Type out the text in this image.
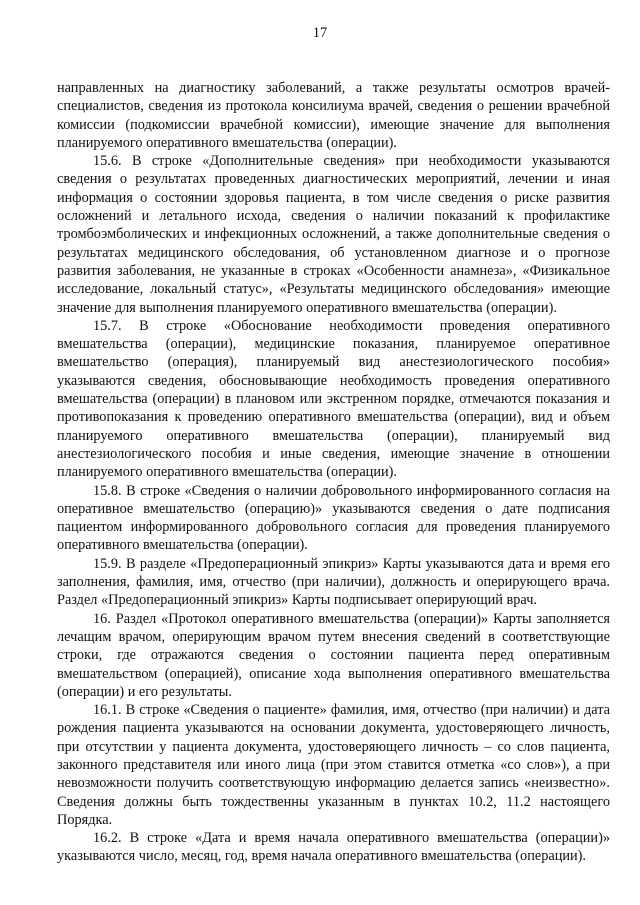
17

направленных на диагностику заболеваний, а также результаты осмотров врачей-специалистов, сведения из протокола консилиума врачей, сведения о решении врачебной комиссии (подкомиссии врачебной комиссии), имеющие значение для выполнения планируемого оперативного вмешательства (операции).

15.6. В строке «Дополнительные сведения» при необходимости указываются сведения о результатах проведенных диагностических мероприятий, лечении и иная информация о состоянии здоровья пациента, в том числе сведения о риске развития осложнений и летального исхода, сведения о наличии показаний к профилактике тромбоэмболических и инфекционных осложнений, а также дополнительные сведения о результатах медицинского обследования, об установленном диагнозе и о прогнозе развития заболевания, не указанные в строках «Особенности анамнеза», «Физикальное исследование, локальный статус», «Результаты медицинского обследования» имеющие значение для выполнения планируемого оперативного вмешательства (операции).

15.7. В строке «Обоснование необходимости проведения оперативного вмешательства (операции), медицинские показания, планируемое оперативное вмешательство (операция), планируемый вид анестезиологического пособия» указываются сведения, обосновывающие необходимость проведения оперативного вмешательства (операции) в плановом или экстренном порядке, отмечаются показания и противопоказания к проведению оперативного вмешательства (операции), вид и объем планируемого оперативного вмешательства (операции), планируемый вид анестезиологического пособия и иные сведения, имеющие значение в отношении планируемого оперативного вмешательства (операции).

15.8. В строке «Сведения о наличии добровольного информированного согласия на оперативное вмешательство (операцию)» указываются сведения о дате подписания пациентом информированного добровольного согласия для проведения планируемого оперативного вмешательства (операции).

15.9. В разделе «Предоперационный эпикриз» Карты указываются дата и время его заполнения, фамилия, имя, отчество (при наличии), должность и оперирующего врача. Раздел «Предоперационный эпикриз» Карты подписывает оперирующий врач.

16. Раздел «Протокол оперативного вмешательства (операции)» Карты заполняется лечащим врачом, оперирующим врачом путем внесения сведений в соответствующие строки, где отражаются сведения о состоянии пациента перед оперативным вмешательством (операцией), описание хода выполнения оперативного вмешательства (операции) и его результаты.

16.1. В строке «Сведения о пациенте» фамилия, имя, отчество (при наличии) и дата рождения пациента указываются на основании документа, удостоверяющего личность, при отсутствии у пациента документа, удостоверяющего личность – со слов пациента, законного представителя или иного лица (при этом ставится отметка «со слов»), а при невозможности получить соответствующую информацию делается запись «неизвестно». Сведения должны быть тождественны указанным в пунктах 10.2, 11.2 настоящего Порядка.

16.2. В строке «Дата и время начала оперативного вмешательства (операции)» указываются число, месяц, год, время начала оперативного вмешательства (операции).
